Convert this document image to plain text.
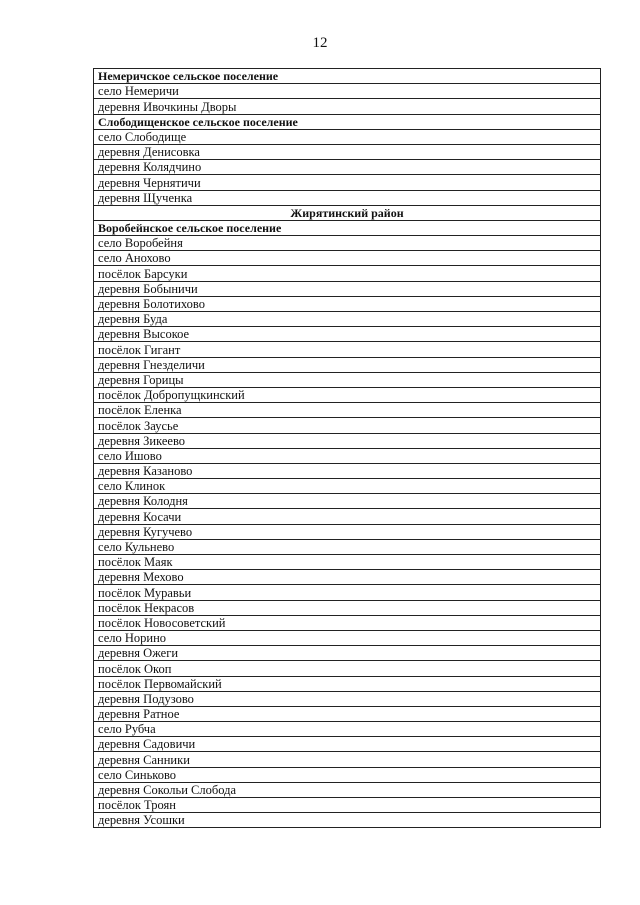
12
Немеричское сельское поселение
село Немеричи
деревня Ивочкины Дворы
Слободищенское сельское поселение
село Слободище
деревня Денисовка
деревня Колядчино
деревня Чернятичи
деревня Щученка
Жирятинский район
Воробейнское сельское поселение
село Воробейня
село Анохово
посёлок Барсуки
деревня Бобыничи
деревня Болотихово
деревня Буда
деревня Высокое
посёлок Гигант
деревня Гнезделичи
деревня Горицы
посёлок Добропущкинский
посёлок Еленка
посёлок Заусье
деревня Зикеево
село Ишово
деревня Казаново
село Клинок
деревня Колодня
деревня Косачи
деревня Кугучево
село Кульнево
посёлок Маяк
деревня Мехово
посёлок Муравьи
посёлок Некрасов
посёлок Новосоветский
село Норино
деревня Ожеги
посёлок Окоп
посёлок Первомайский
деревня Подузово
деревня Ратное
село Рубча
деревня Садовичи
деревня Санники
село Синьково
деревня Сокольи Слобода
посёлок Троян
деревня Усошки
